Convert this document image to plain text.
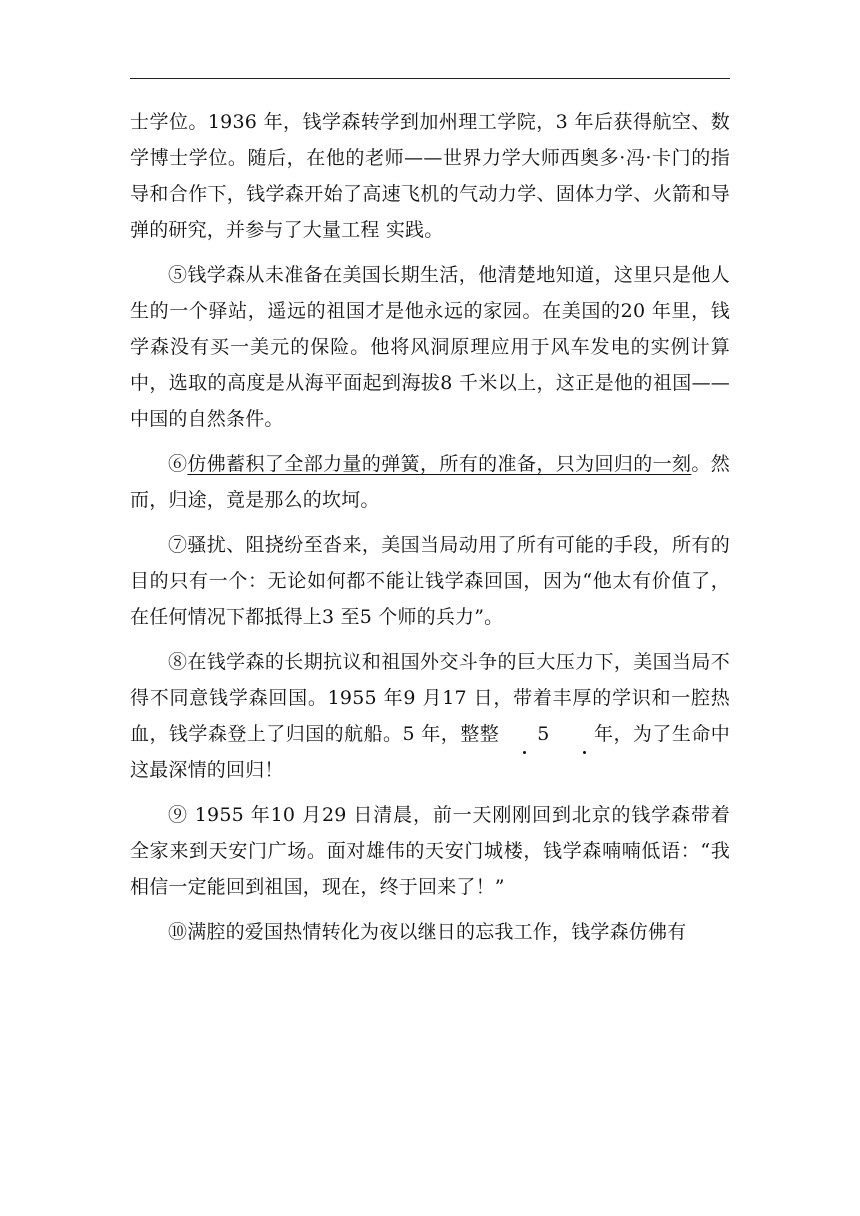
士学位。1936 年，钱学森转学到加州理工学院，3 年后获得航空、数学博士学位。随后，在他的老师——世界力学大师西奥多·冯·卡门的指导和合作下，钱学森开始了高速飞机的气动力学、固体力学、火箭和导弹的研究，并参与了大量工程 实践。

⑤钱学森从未准备在美国长期生活，他清楚地知道，这里只是他人生的一个驿站，遥远的祖国才是他永远的家园。在美国的20 年里，钱学森没有买一美元的保险。他将风洞原理应用于风车发电的实例计算中，选取的高度是从海平面起到海拔8 千米以上，这正是他的祖国——中国的自然条件。

⑥仿佛蓄积了全部力量的弹簧，所有的准备，只为回归的一刻。然而，归途，竟是那么的坎坷。

⑦骚扰、阻挠纷至沓来，美国当局动用了所有可能的手段，所有的目的只有一个：无论如何都不能让钱学森回国，因为“他太有价值了，在任何情况下都抵得上3 至5 个师的兵力”。

⑧在钱学森的长期抗议和祖国外交斗争的巨大压力下，美国当局不得不同意钱学森回国。1955 年9 月17 日，带着丰厚的学识和一腔热血，钱学森登上了归国的航船。5 年，整整 5 年，为了生命中这最深情的回归！

⑨ 1955 年10 月29 日清晨，前一天刚刚回到北京的钱学森带着全家来到天安门广场。面对雄伟的天安门城楼，钱学森喃喃低语：“我相信一定能回到祖国，现在，终于回来了！”

⑩满腔的爱国热情转化为夜以继日的忘我工作，钱学森仿佛有
